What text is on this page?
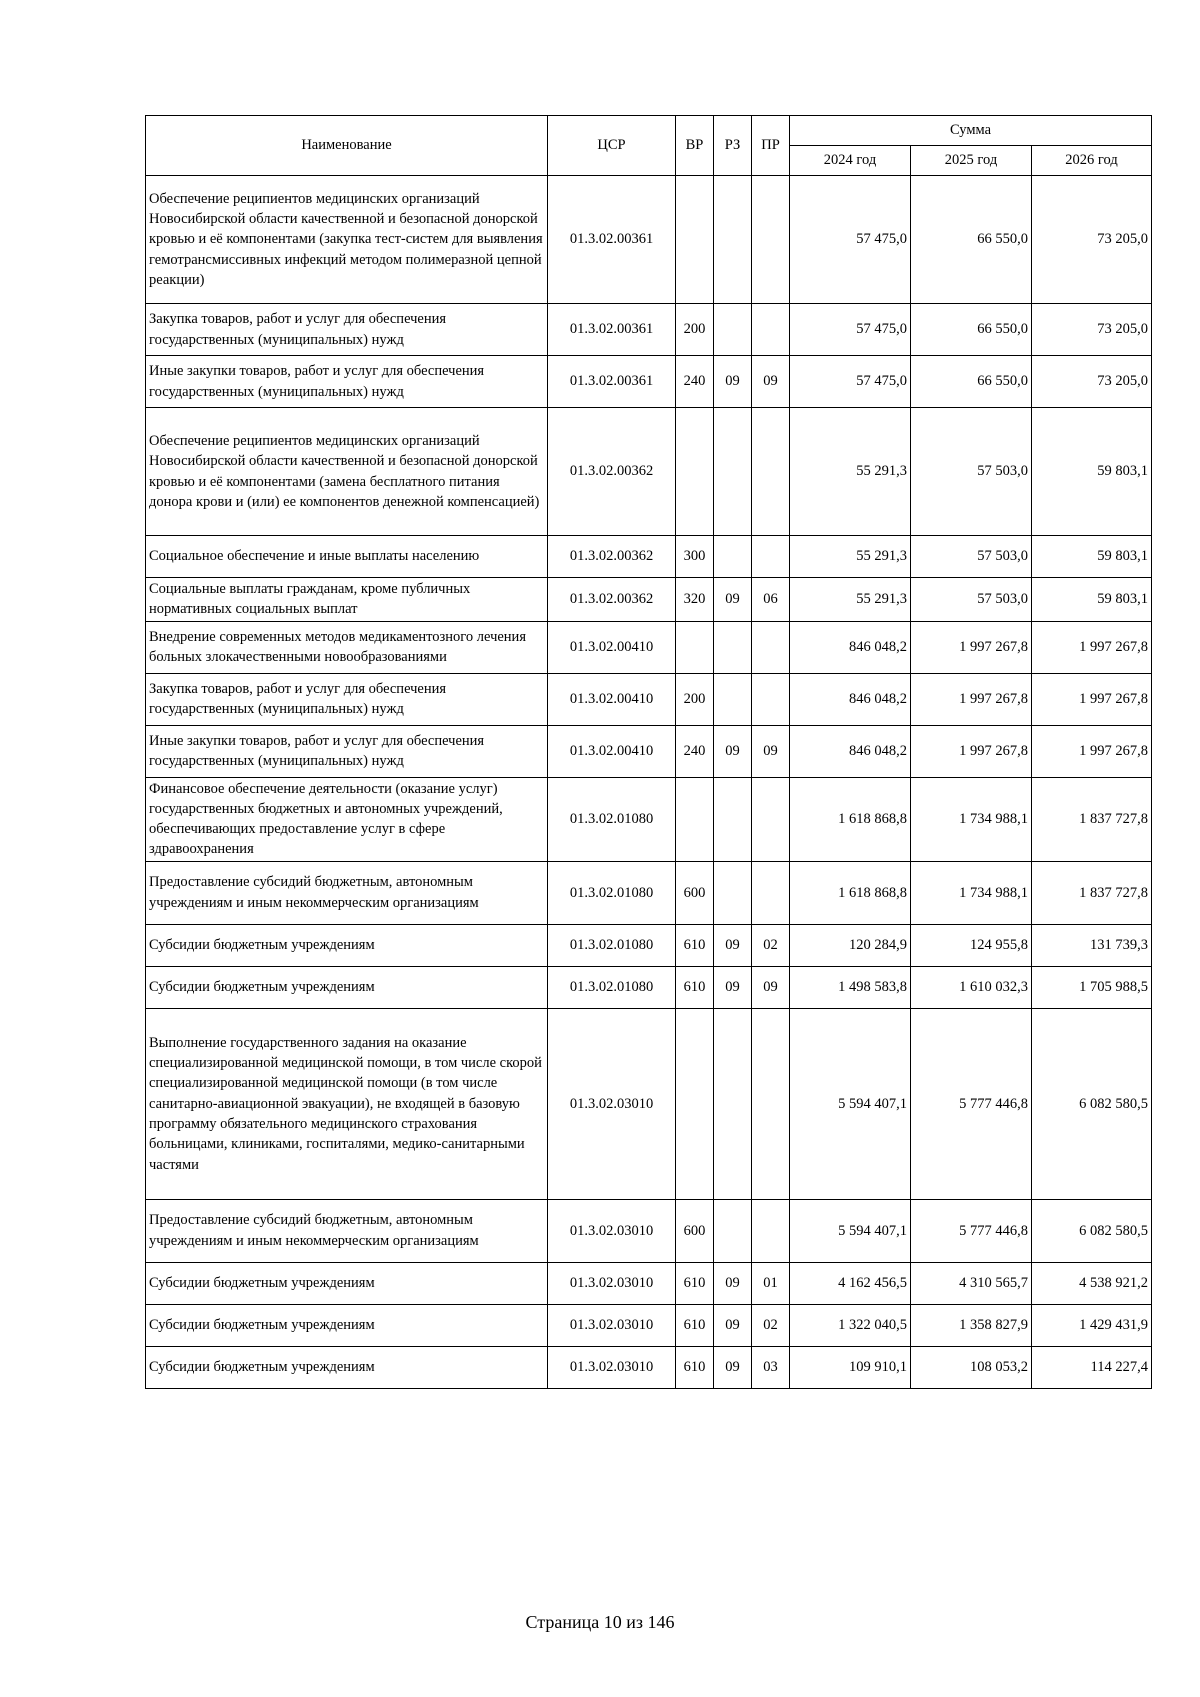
Наименование	ЦСР	ВР	РЗ	ПР	Сумма		
					2024 год	2025 год	2026 год
Обеспечение реципиентов медицинских организаций Новосибирской области качественной и безопасной донорской кровью и её компонентами (закупка тест-систем для выявления гемотрансмиссивных инфекций методом полимеразной цепной реакции)	01.3.02.00361				57 475,0	66 550,0	73 205,0
Закупка товаров, работ и услуг для обеспечения государственных (муниципальных) нужд	01.3.02.00361	200			57 475,0	66 550,0	73 205,0
Иные закупки товаров, работ и услуг для обеспечения государственных (муниципальных) нужд	01.3.02.00361	240	09	09	57 475,0	66 550,0	73 205,0
Обеспечение реципиентов медицинских организаций Новосибирской области качественной и безопасной донорской кровью и её компонентами (замена бесплатного питания донора крови и (или) ее компонентов денежной компенсацией)	01.3.02.00362				55 291,3	57 503,0	59 803,1
Социальное обеспечение и иные выплаты населению	01.3.02.00362	300			55 291,3	57 503,0	59 803,1
Социальные выплаты гражданам, кроме публичных нормативных социальных выплат	01.3.02.00362	320	09	06	55 291,3	57 503,0	59 803,1
Внедрение современных методов медикаментозного лечения больных злокачественными новообразованиями	01.3.02.00410				846 048,2	1 997 267,8	1 997 267,8
Закупка товаров, работ и услуг для обеспечения государственных (муниципальных) нужд	01.3.02.00410	200			846 048,2	1 997 267,8	1 997 267,8
Иные закупки товаров, работ и услуг для обеспечения государственных (муниципальных) нужд	01.3.02.00410	240	09	09	846 048,2	1 997 267,8	1 997 267,8
Финансовое обеспечение деятельности (оказание услуг) государственных бюджетных и автономных учреждений, обеспечивающих предоставление услуг в сфере здравоохранения	01.3.02.01080				1 618 868,8	1 734 988,1	1 837 727,8
Предоставление субсидий бюджетным, автономным учреждениям и иным некоммерческим организациям	01.3.02.01080	600			1 618 868,8	1 734 988,1	1 837 727,8
Субсидии бюджетным учреждениям	01.3.02.01080	610	09	02	120 284,9	124 955,8	131 739,3
Субсидии бюджетным учреждениям	01.3.02.01080	610	09	09	1 498 583,8	1 610 032,3	1 705 988,5
Выполнение государственного задания на оказание специализированной медицинской помощи, в том числе скорой специализированной медицинской помощи (в том числе санитарно-авиационной эвакуации), не входящей в базовую программу обязательного медицинского страхования больницами, клиниками, госпиталями, медико-санитарными частями	01.3.02.03010				5 594 407,1	5 777 446,8	6 082 580,5
Предоставление субсидий бюджетным, автономным учреждениям и иным некоммерческим организациям	01.3.02.03010	600			5 594 407,1	5 777 446,8	6 082 580,5
Субсидии бюджетным учреждениям	01.3.02.03010	610	09	01	4 162 456,5	4 310 565,7	4 538 921,2
Субсидии бюджетным учреждениям	01.3.02.03010	610	09	02	1 322 040,5	1 358 827,9	1 429 431,9
Субсидии бюджетным учреждениям	01.3.02.03010	610	09	03	109 910,1	108 053,2	114 227,4
Страница 10 из 146
